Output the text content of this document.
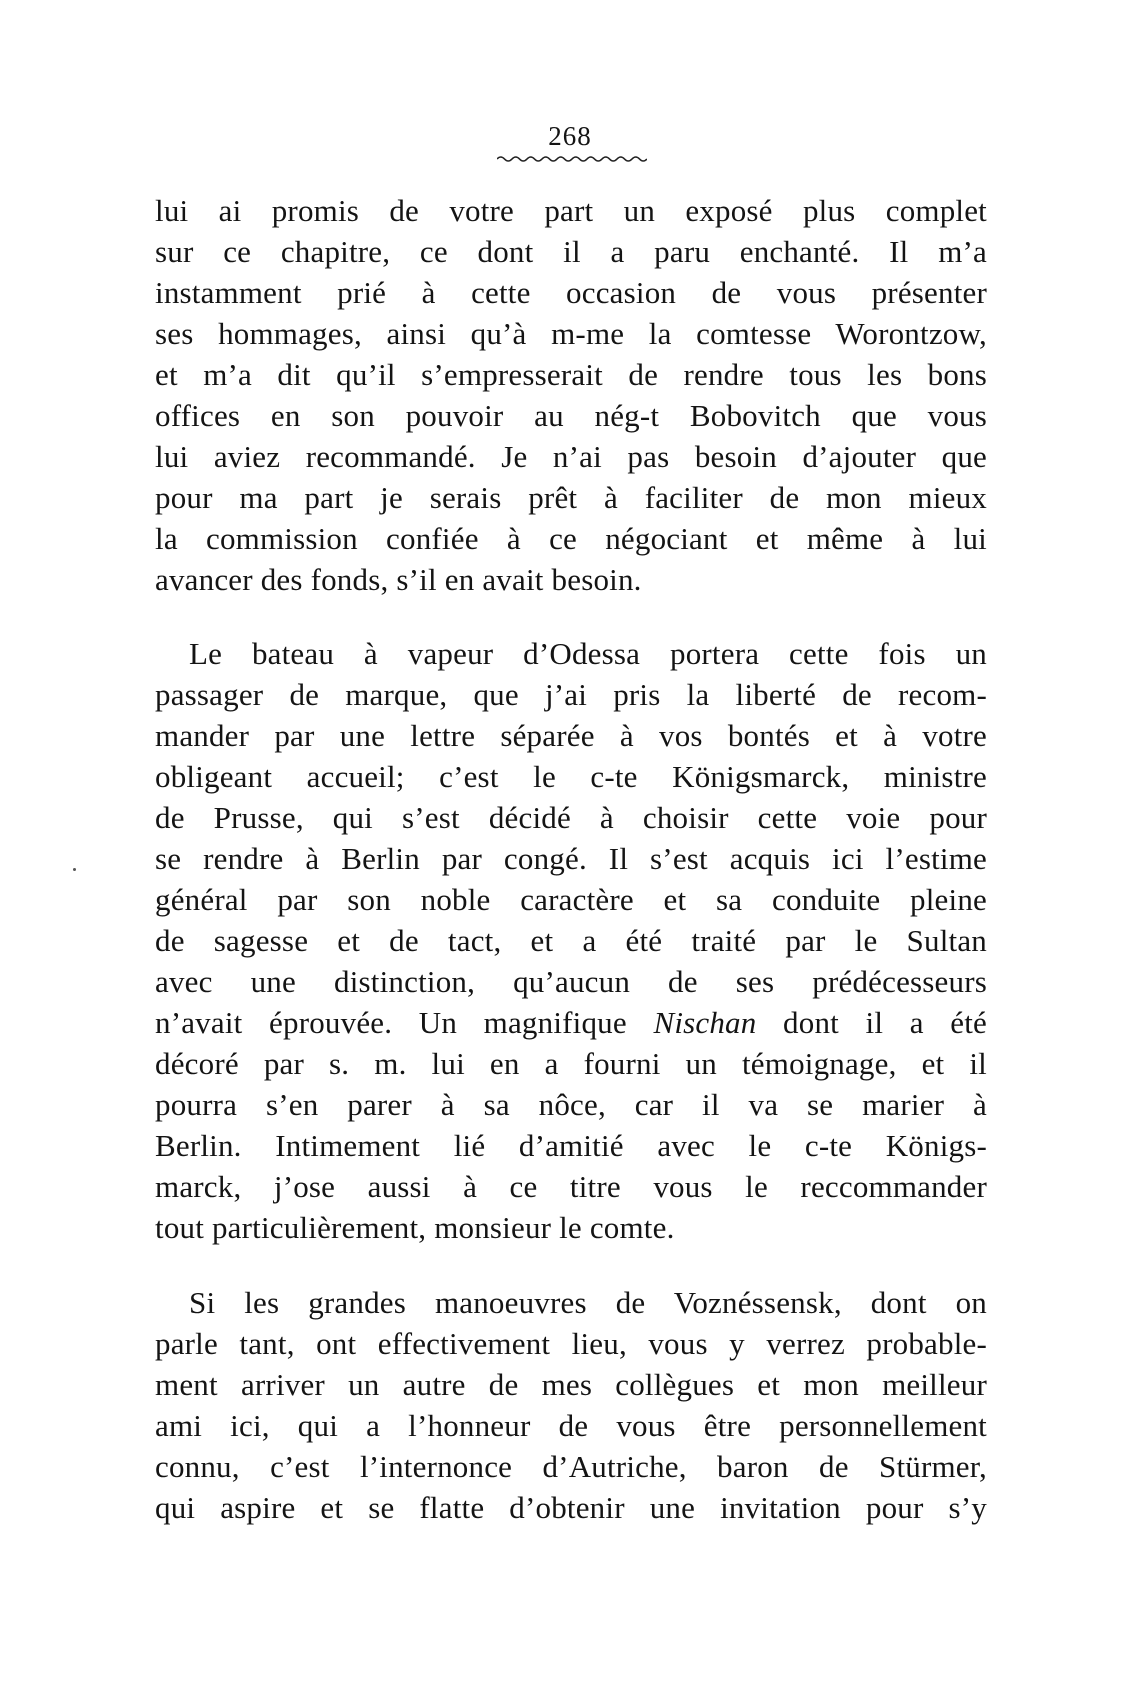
268
lui ai promis de votre part un exposé plus complet
sur ce chapitre, ce dont il a paru enchanté. Il m’a
instamment prié à cette occasion de vous présenter
ses hommages, ainsi qu’à m-me la comtesse Worontzow,
et m’a dit qu’il s’empresserait de rendre tous les bons
offices en son pouvoir au nég-t Bobovitch que vous
lui aviez recommandé. Je n’ai pas besoin d’ajouter que
pour ma part je serais prêt à faciliter de mon mieux
la commission confiée à ce négociant et même à lui
avancer des fonds, s’il en avait besoin.
Le bateau à vapeur d’Odessa portera cette fois un
passager de marque, que j’ai pris la liberté de recom-
mander par une lettre séparée à vos bontés et à votre
obligeant accueil; c’est le c-te Königsmarck, ministre
de Prusse, qui s’est décidé à choisir cette voie pour
se rendre à Berlin par congé. Il s’est acquis ici l’estime
général par son noble caractère et sa conduite pleine
de sagesse et de tact, et a été traité par le Sultan
avec une distinction, qu’aucun de ses prédécesseurs
n’avait éprouvée. Un magnifique Nischan dont il a été
décoré par s. m. lui en a fourni un témoignage, et il
pourra s’en parer à sa nôce, car il va se marier à
Berlin. Intimement lié d’amitié avec le c-te Königs-
marck, j’ose aussi à ce titre vous le reccommander
tout particulièrement, monsieur le comte.
Si les grandes manoeuvres de Voznéssensk, dont on
parle tant, ont effectivement lieu, vous y verrez probable-
ment arriver un autre de mes collègues et mon meilleur
ami ici, qui a l’honneur de vous être personnellement
connu, c’est l’internonce d’Autriche, baron de Stürmer,
qui aspire et se flatte d’obtenir une invitation pour s’y
